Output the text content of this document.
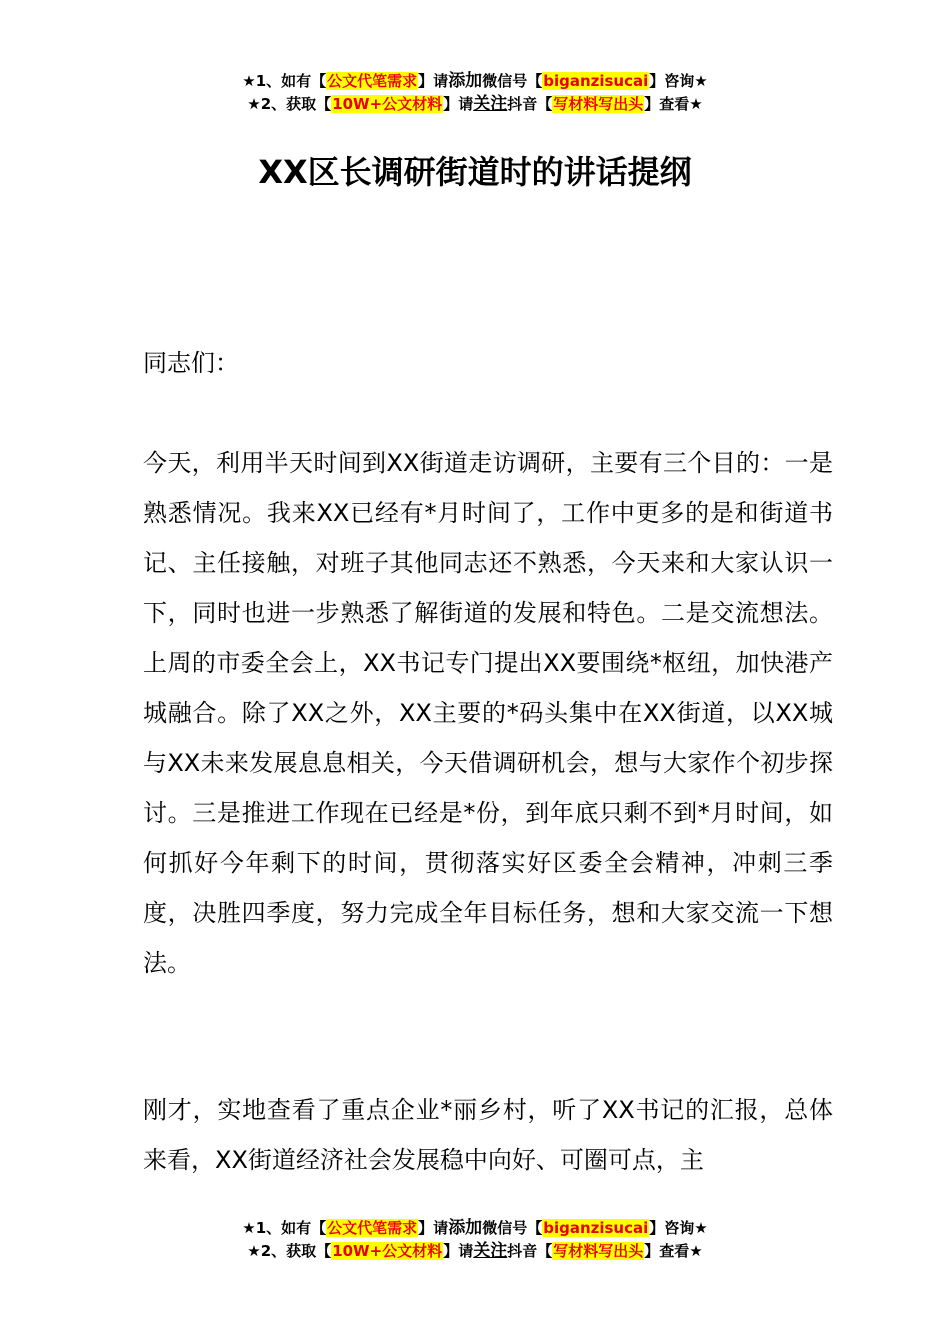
★1、如有【公文代笔需求】请添加微信号【biganzisucai】咨询★
★2、获取【10W+公文材料】请关注抖音【写材料写出头】查看★
XX区长调研街道时的讲话提纲

同志们：

今天，利用半天时间到XX街道走访调研，主要有三个目的：一是熟悉情况。我来XX已经有*月时间了，工作中更多的是和街道书记、主任接触，对班子其他同志还不熟悉，今天来和大家认识一下，同时也进一步熟悉了解街道的发展和特色。二是交流想法。上周的市委全会上，XX书记专门提出XX要围绕*枢纽，加快港产城融合。除了XX之外，XX主要的*码头集中在XX街道，以XX城与XX未来发展息息相关，今天借调研机会，想与大家作个初步探讨。三是推进工作现在已经是*份，到年底只剩不到*月时间，如何抓好今年剩下的时间，贯彻落实好区委全会精神，冲刺三季度，决胜四季度，努力完成全年目标任务，想和大家交流一下想法。

刚才，实地查看了重点企业*丽乡村，听了XX书记的汇报，总体来看，XX街道经济社会发展稳中向好、可圈可点，主

★1、如有【公文代笔需求】请添加微信号【biganzisucai】咨询★
★2、获取【10W+公文材料】请关注抖音【写材料写出头】查看★
